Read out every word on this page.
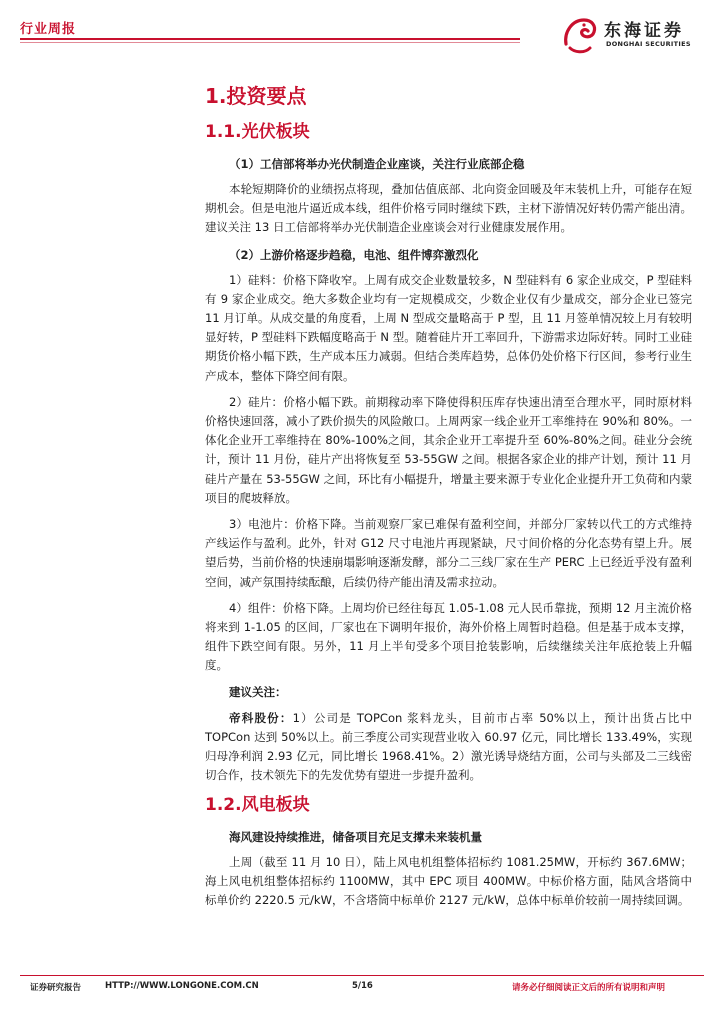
行业周报	东海证券
DONGHAI SECURITIES
1.投资要点
1.1.光伏板块
（1）工信部将举办光伏制造企业座谈，关注行业底部企稳

本轮短期降价的业绩拐点将现，叠加估值底部、北向资金回暖及年末装机上升，可能存在短期机会。但是电池片逼近成本线，组件价格亏同时继续下跌，主材下游情况好转仍需产能出清。建议关注 13 日工信部将举办光伏制造企业座谈会对行业健康发展作用。

（2）上游价格逐步趋稳，电池、组件博弈激烈化

1）硅料：价格下降收窄。上周有成交企业数量较多，N 型硅料有 6 家企业成交，P 型硅料有 9 家企业成交。绝大多数企业均有一定规模成交，少数企业仅有少量成交，部分企业已签完 11 月订单。从成交量的角度看，上周 N 型成交量略高于 P 型，且 11 月签单情况较上月有较明显好转，P 型硅料下跌幅度略高于 N 型。随着硅片开工率回升，下游需求边际好转。同时工业硅期货价格小幅下跌，生产成本压力减弱。但结合类库趋势，总体仍处价格下行区间，参考行业生产成本，整体下降空间有限。

2）硅片：价格小幅下跌。前期稼动率下降使得积压库存快速出清至合理水平，同时原材料价格快速回落，减小了跌价损失的风险敞口。上周两家一线企业开工率维持在 90%和 80%。一体化企业开工率维持在 80%-100%之间，其余企业开工率提升至 60%-80%之间。硅业分会统计，预计 11 月份，硅片产出将恢复至 53-55GW 之间。根据各家企业的排产计划，预计 11 月硅片产量在 53-55GW 之间，环比有小幅提升，增量主要来源于专业化企业提升开工负荷和内蒙项目的爬坡释放。

3）电池片：价格下降。当前观察厂家已难保有盈利空间，并部分厂家转以代工的方式维持产线运作与盈利。此外，针对 G12 尺寸电池片再现紧缺，尺寸间价格的分化态势有望上升。展望后势，当前价格的快速崩塌影响逐渐发酵，部分二三线厂家在生产 PERC 上已经近乎没有盈利空间，减产氛围持续酝酿，后续仍待产能出清及需求拉动。

4）组件：价格下降。上周均价已经往每瓦 1.05-1.08 元人民币靠拢，预期 12 月主流价格将来到 1-1.05 的区间，厂家也在下调明年报价，海外价格上周暂时趋稳。但是基于成本支撑，组件下跌空间有限。另外，11 月上半旬受多个项目抢装影响，后续继续关注年底抢装上升幅度。

建议关注：

帝科股份：1）公司是 TOPCon 浆料龙头，目前市占率 50%以上，预计出货占比中 TOPCon 达到 50%以上。前三季度公司实现营业收入 60.97 亿元，同比增长 133.49%，实现归母净利润 2.93 亿元，同比增长 1968.41%。2）激光诱导烧结方面，公司与头部及二三线密切合作，技术领先下的先发优势有望进一步提升盈利。

1.2.风电板块
海风建设持续推进，储备项目充足支撑未来装机量

上周（截至 11 月 10 日），陆上风电机组整体招标约 1081.25MW，开标约 367.6MW；海上风电机组整体招标约 1100MW，其中 EPC 项目 400MW。中标价格方面，陆风含塔筒中标单价约 2220.5 元/kW，不含塔筒中标单价 2127 元/kW，总体中标单价较前一周持续回调。

证券研究报告	HTTP://WWW.LONGONE.COM.CN	5/16	请务必仔细阅读正文后的所有说明和声明
